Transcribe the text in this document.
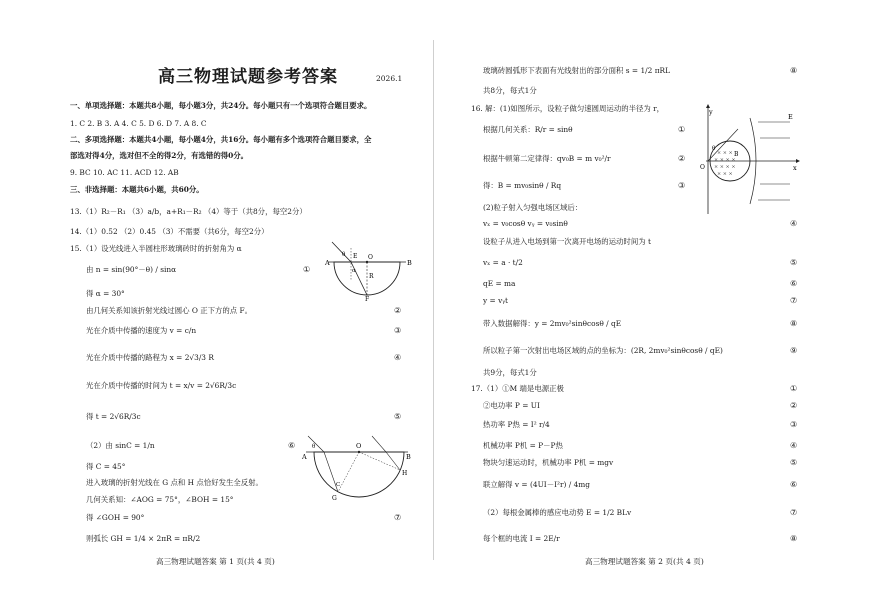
高三物理试题参考答案	2026.1
一、单项选择题：本题共8小题，每小题3分，共24分。每小题只有一个选项符合题目要求。
1. C 2. B 3. A 4. C 5. D 6. D 7. A 8. C
二、多项选择题：本题共4小题，每小题4分，共16分。每小题有多个选项符合题目要求，全
部选对得4分，选对但不全的得2分，有选错的得0分。
9. BC 10. AC 11. ACD 12. AB
三、非选择题：本题共6小题，共60分。
13.（1）R₂－R₁ （3）a/b，a+R₁－R₂ （4）等于（共8分，每空2分）
14.（1）0.52 （2）0.45 （3）不需要（共6分，每空2分）
15.（1）设光线进入半圆柱形玻璃砖时的折射角为 α
由 n = sin(90°－θ) / sinα	①
得 α = 30°
由几何关系知该折射光线过圆心 O 正下方的点 F。	②
光在介质中传播的速度为 v = c/n	③
光在介质中传播的路程为 x = 2√3/3 R	④
光在介质中传播的时间为 t = x/v = 2√6R/3c
得 t = 2√6R/3c	⑤
（2）由 sinC = 1/n	⑥
得 C = 45°
进入玻璃的折射光线在 G 点和 H 点恰好发生全反射。
几何关系知：∠AOG = 75°，∠BOH = 15°
得 ∠GOH = 90°	⑦
则弧长 GH = 1/4 × 2πR = πR/2
高三物理试题答案 第 1 页(共 4 页)
A	B
E O
R
F
θ
α
A	B
O
G
H
C
θ
玻璃砖圆弧形下表面有光线射出的部分面积 s = 1/2 πRL	⑧
共8分，每式1分
16. 解：(1)如图所示，设粒子做匀速圆周运动的半径为 r，
根据几何关系：R/r = sinθ	①
根据牛顿第二定律得：qv₀B = m v₀²/r	②
得：B = mv₀sinθ / Rq	③
(2)粒子射入匀强电场区域后：
vₓ = v₀cosθ vᵧ = v₀sinθ	④
设粒子从进入电场到第一次离开电场的运动时间为 t
vₓ = a · t/2	⑤
qE = ma	⑥
y = vᵧt	⑦
带入数据解得：y = 2mv₀²sinθcosθ / qE	⑧
所以粒子第一次射出电场区域的点的坐标为：(2R, 2mv₀²sinθcosθ / qE)	⑨
共9分，每式1分
17.（1）①M 端是电源正极	①
②电功率 P = UI	②
热功率 P热 = I² r/4	③
机械功率 P机 = P－P热	④
物块匀速运动时，机械功率 P机 = mgv	⑤
联立解得 v = (4UI－I²r) / 4mg	⑥
（2）每根金属棒的感应电动势 E = 1/2 BLv	⑦
每个框的电流 I = 2E/r	⑧
高三物理试题答案 第 2 页(共 4 页)
× × ×
× × × ×
× × × ×
× × ×
y
x
O
E
B
θ
